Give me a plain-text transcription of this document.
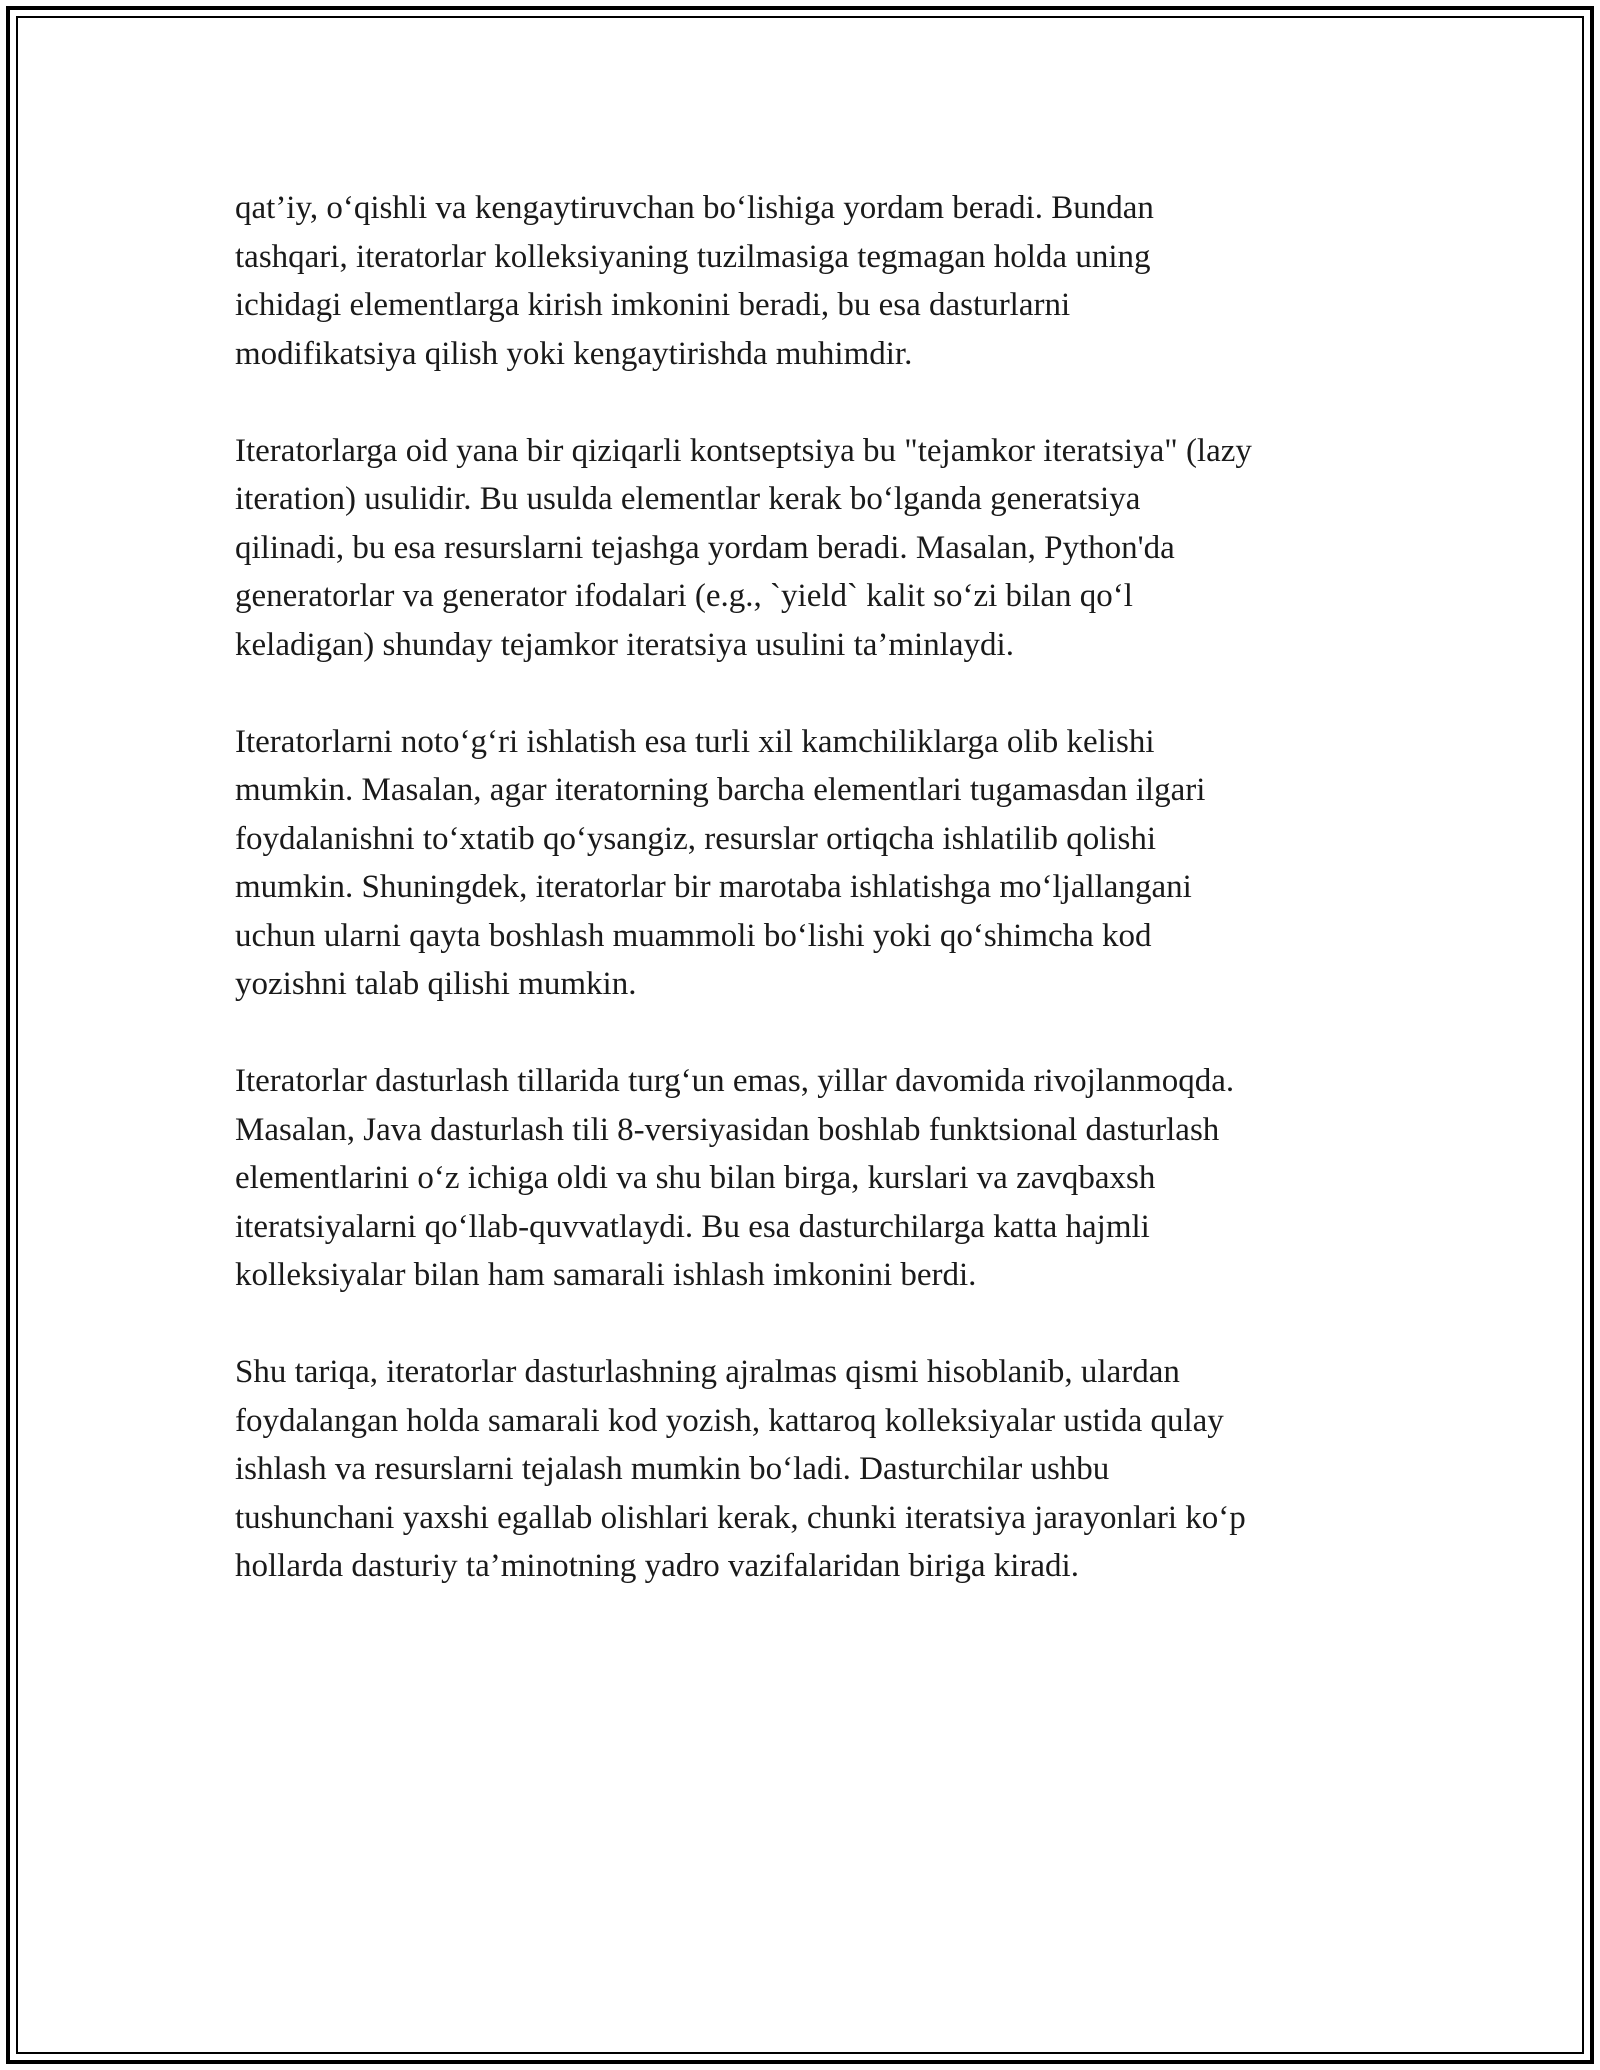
qat’iy, o‘qishli va kengaytiruvchan bo‘lishiga yordam beradi. Bundan
tashqari, iteratorlar kolleksiyaning tuzilmasiga tegmagan holda uning
ichidagi elementlarga kirish imkonini beradi, bu esa dasturlarni
modifikatsiya qilish yoki kengaytirishda muhimdir.

Iteratorlarga oid yana bir qiziqarli kontseptsiya bu "tejamkor iteratsiya" (lazy
iteration) usulidir. Bu usulda elementlar kerak bo‘lganda generatsiya
qilinadi, bu esa resurslarni tejashga yordam beradi. Masalan, Python'da
generatorlar va generator ifodalari (e.g., `yield` kalit so‘zi bilan qo‘l
keladigan) shunday tejamkor iteratsiya usulini ta’minlaydi.

Iteratorlarni noto‘g‘ri ishlatish esa turli xil kamchiliklarga olib kelishi
mumkin. Masalan, agar iteratorning barcha elementlari tugamasdan ilgari
foydalanishni to‘xtatib qo‘ysangiz, resurslar ortiqcha ishlatilib qolishi
mumkin. Shuningdek, iteratorlar bir marotaba ishlatishga mo‘ljallangani
uchun ularni qayta boshlash muammoli bo‘lishi yoki qo‘shimcha kod
yozishni talab qilishi mumkin.

Iteratorlar dasturlash tillarida turg‘un emas, yillar davomida rivojlanmoqda.
Masalan, Java dasturlash tili 8-versiyasidan boshlab funktsional dasturlash
elementlarini o‘z ichiga oldi va shu bilan birga, kurslari va zavqbaxsh
iteratsiyalarni qo‘llab-quvvatlaydi. Bu esa dasturchilarga katta hajmli
kolleksiyalar bilan ham samarali ishlash imkonini berdi.

Shu tariqa, iteratorlar dasturlashning ajralmas qismi hisoblanib, ulardan
foydalangan holda samarali kod yozish, kattaroq kolleksiyalar ustida qulay
ishlash va resurslarni tejalash mumkin bo‘ladi. Dasturchilar ushbu
tushunchani yaxshi egallab olishlari kerak, chunki iteratsiya jarayonlari ko‘p
hollarda dasturiy ta’minotning yadro vazifalaridan biriga kiradi.
